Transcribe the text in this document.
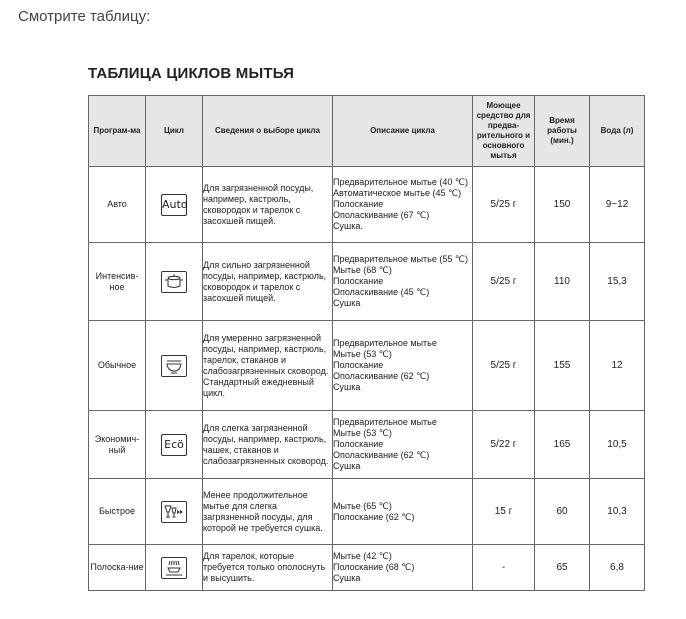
Смотрите таблицу:
ТАБЛИЦА ЦИКЛОВ МЫТЬЯ
Програм-ма	Цикл	Сведения о выборе цикла	Описание цикла	Моющее средство для предва-рительного и основного мытья	Время работы (мин.)	Вода (л)
Авто	Auto	Для загрязненной посуды, например, кастрюль, сковородок и тарелок с засохшей пищей.	Предварительное мытье (40 ℃)
Автоматическое мытье (45 ℃)
Полоскание
Ополаскивание (67 ℃)
Сушка.	5/25 г	150	9~12
Интенсив-ное		Для сильно загрязненной посуды, например, кастрюль, сковородок и тарелок с засохшей пищей.	Предварительное мытье (55 ℃)
Мытье (68 ℃)
Полоскание
Ополаскивание (45 ℃)
Сушка	5/25 г	110	15,3
Обычное		Для умеренно загрязненной посуды, например, кастрюль, тарелок, стаканов и слабозагрязненных сковород. Стандартный ежедневный цикл.	Предварительное мытье
Мытье (53 ℃)
Полоскание
Ополаскивание (62 ℃)
Сушка	5/25 г	155	12
Экономич-ный	Ecö	Для слегка загрязненной посуды, например, кастрюль, чашек, стаканов и слабозагрязненных сковород.	Предварительное мытье
Мытье (53 ℃)
Полоскание
Ополаскивание (62 ℃)
Сушка	5/22 г	165	10,5
Быстрое		Менее продолжительное мытье для слегка загрязненной посуды, для которой не требуется сушка.	Мытье (65 ℃)
Полоскание (62 ℃)	15 г	60	10,3
Полоска-ние		Для тарелок, которые требуется только ополоснуть и высушить.	Мытье (42 ℃)
Полоскание (68 ℃)
Сушка	-	65	6,8
